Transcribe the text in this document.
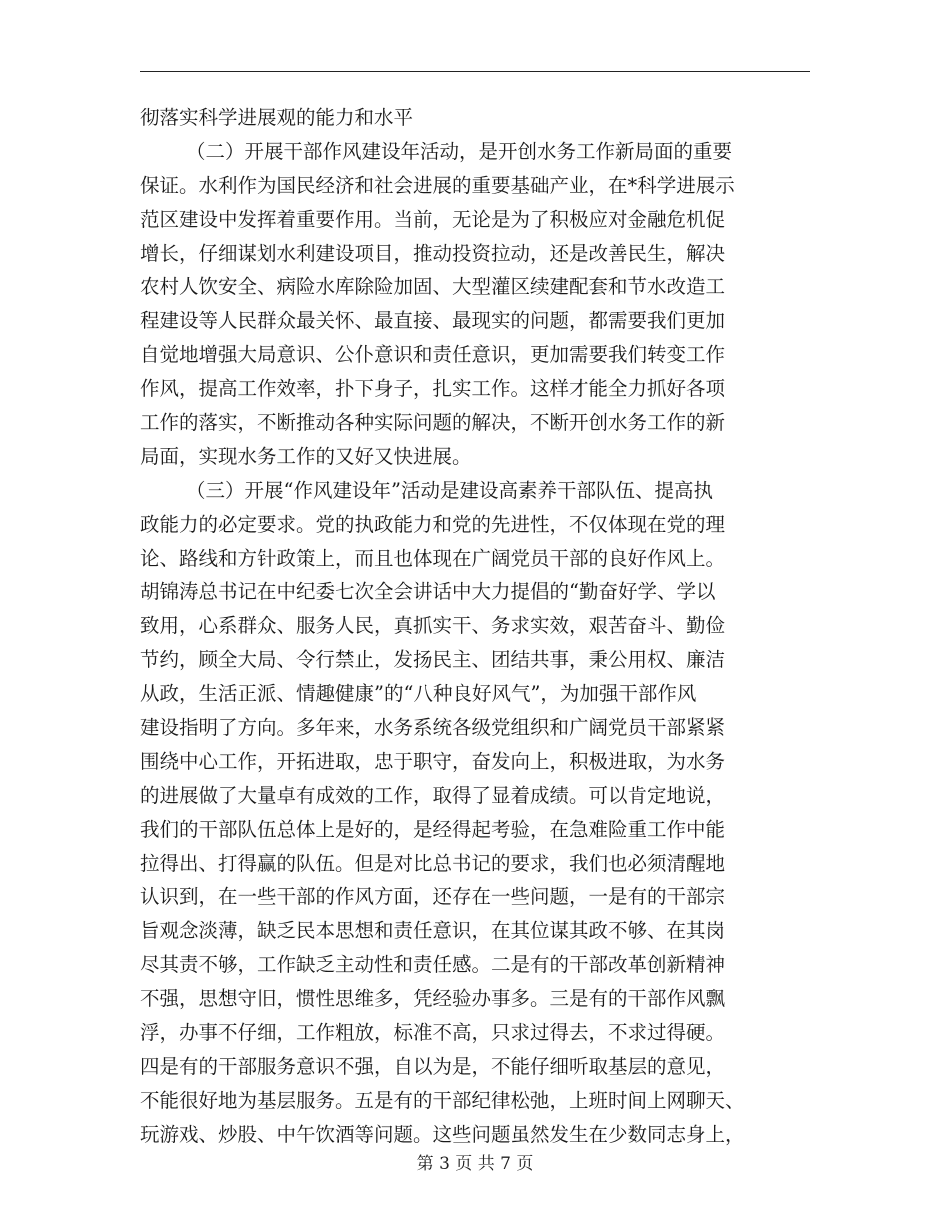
彻落实科学进展观的能力和水平
（二）开展干部作风建设年活动，是开创水务工作新局面的重要
保证。水利作为国民经济和社会进展的重要基础产业，在*科学进展示
范区建设中发挥着重要作用。当前，无论是为了积极应对金融危机促
增长，仔细谋划水利建设项目，推动投资拉动，还是改善民生，解决
农村人饮安全、病险水库除险加固、大型灌区续建配套和节水改造工
程建设等人民群众最关怀、最直接、最现实的问题，都需要我们更加
自觉地增强大局意识、公仆意识和责任意识，更加需要我们转变工作
作风，提高工作效率，扑下身子，扎实工作。这样才能全力抓好各项
工作的落实，不断推动各种实际问题的解决，不断开创水务工作的新
局面，实现水务工作的又好又快进展。
（三）开展“作风建设年”活动是建设高素养干部队伍、提高执
政能力的必定要求。党的执政能力和党的先进性，不仅体现在党的理
论、路线和方针政策上，而且也体现在广阔党员干部的良好作风上。
胡锦涛总书记在中纪委七次全会讲话中大力提倡的“勤奋好学、学以
致用，心系群众、服务人民，真抓实干、务求实效，艰苦奋斗、勤俭
节约，顾全大局、令行禁止，发扬民主、团结共事，秉公用权、廉洁
从政，生活正派、情趣健康”的“八种良好风气”，为加强干部作风
建设指明了方向。多年来，水务系统各级党组织和广阔党员干部紧紧
围绕中心工作，开拓进取，忠于职守，奋发向上，积极进取，为水务
的进展做了大量卓有成效的工作，取得了显着成绩。可以肯定地说，
我们的干部队伍总体上是好的，是经得起考验，在急难险重工作中能
拉得出、打得赢的队伍。但是对比总书记的要求，我们也必须清醒地
认识到，在一些干部的作风方面，还存在一些问题，一是有的干部宗
旨观念淡薄，缺乏民本思想和责任意识，在其位谋其政不够、在其岗
尽其责不够，工作缺乏主动性和责任感。二是有的干部改革创新精神
不强，思想守旧，惯性思维多，凭经验办事多。三是有的干部作风飘
浮，办事不仔细，工作粗放，标准不高，只求过得去，不求过得硬。
四是有的干部服务意识不强，自以为是，不能仔细听取基层的意见，
不能很好地为基层服务。五是有的干部纪律松弛，上班时间上网聊天、
玩游戏、炒股、中午饮酒等问题。这些问题虽然发生在少数同志身上，
第 3 页 共 7 页
